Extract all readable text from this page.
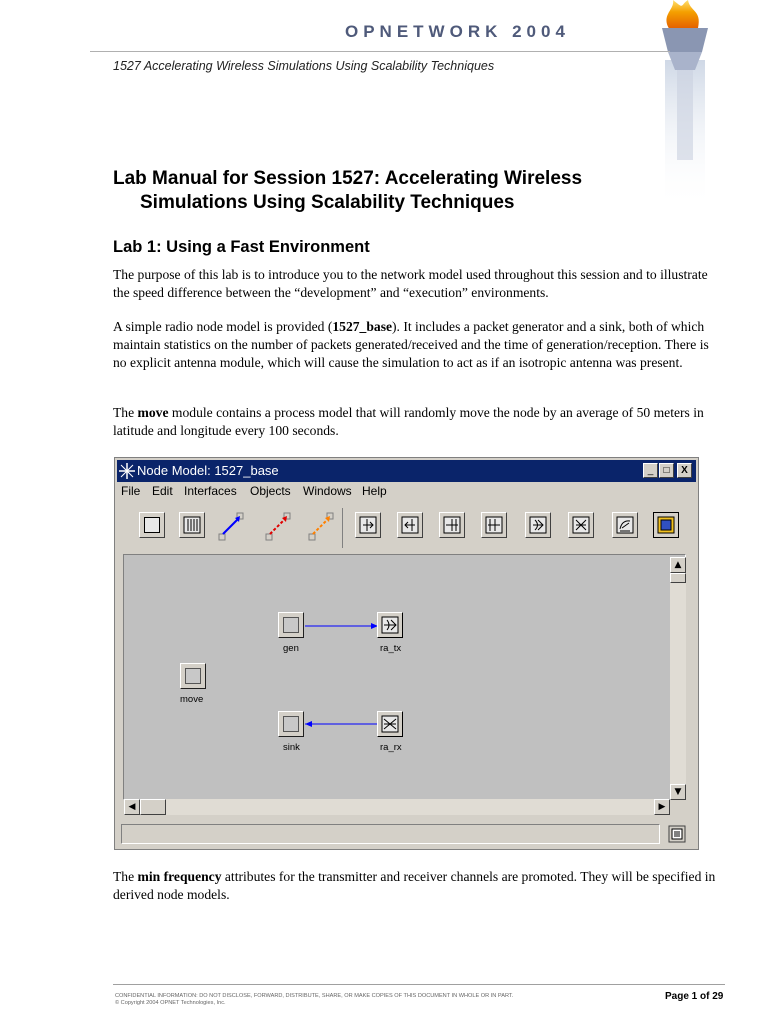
OPNETWORK 2004
1527 Accelerating Wireless Simulations Using Scalability Techniques
Lab Manual for Session 1527: Accelerating Wireless
Simulations Using Scalability Techniques
Lab 1: Using a Fast Environment
The purpose of this lab is to introduce you to the network model used throughout this session and to illustrate the speed difference between the “development” and “execution” environments.
A simple radio node model is provided (1527_base). It includes a packet generator and a sink, both of which maintain statistics on the number of packets generated/received and the time of generation/reception. There is no explicit antenna module, which will cause the simulation to act as if an isotropic antenna was present.
The move module contains a process model that will randomly move the node by an average of 50 meters in latitude and longitude every 100 seconds.
Node Model: 1527_base	_	□	X
File Edit Interfaces Objects Windows Help
gen	ra_tx
move
sink	ra_rx
▲
▼
◀	▶
The min frequency attributes for the transmitter and receiver channels are promoted. They will be specified in derived node models.
CONFIDENTIAL INFORMATION: DO NOT DISCLOSE, FORWARD, DISTRIBUTE, SHARE, OR MAKE COPIES OF THIS DOCUMENT IN WHOLE OR IN PART.
© Copyright 2004 OPNET Technologies, Inc.
Page 1 of 29
